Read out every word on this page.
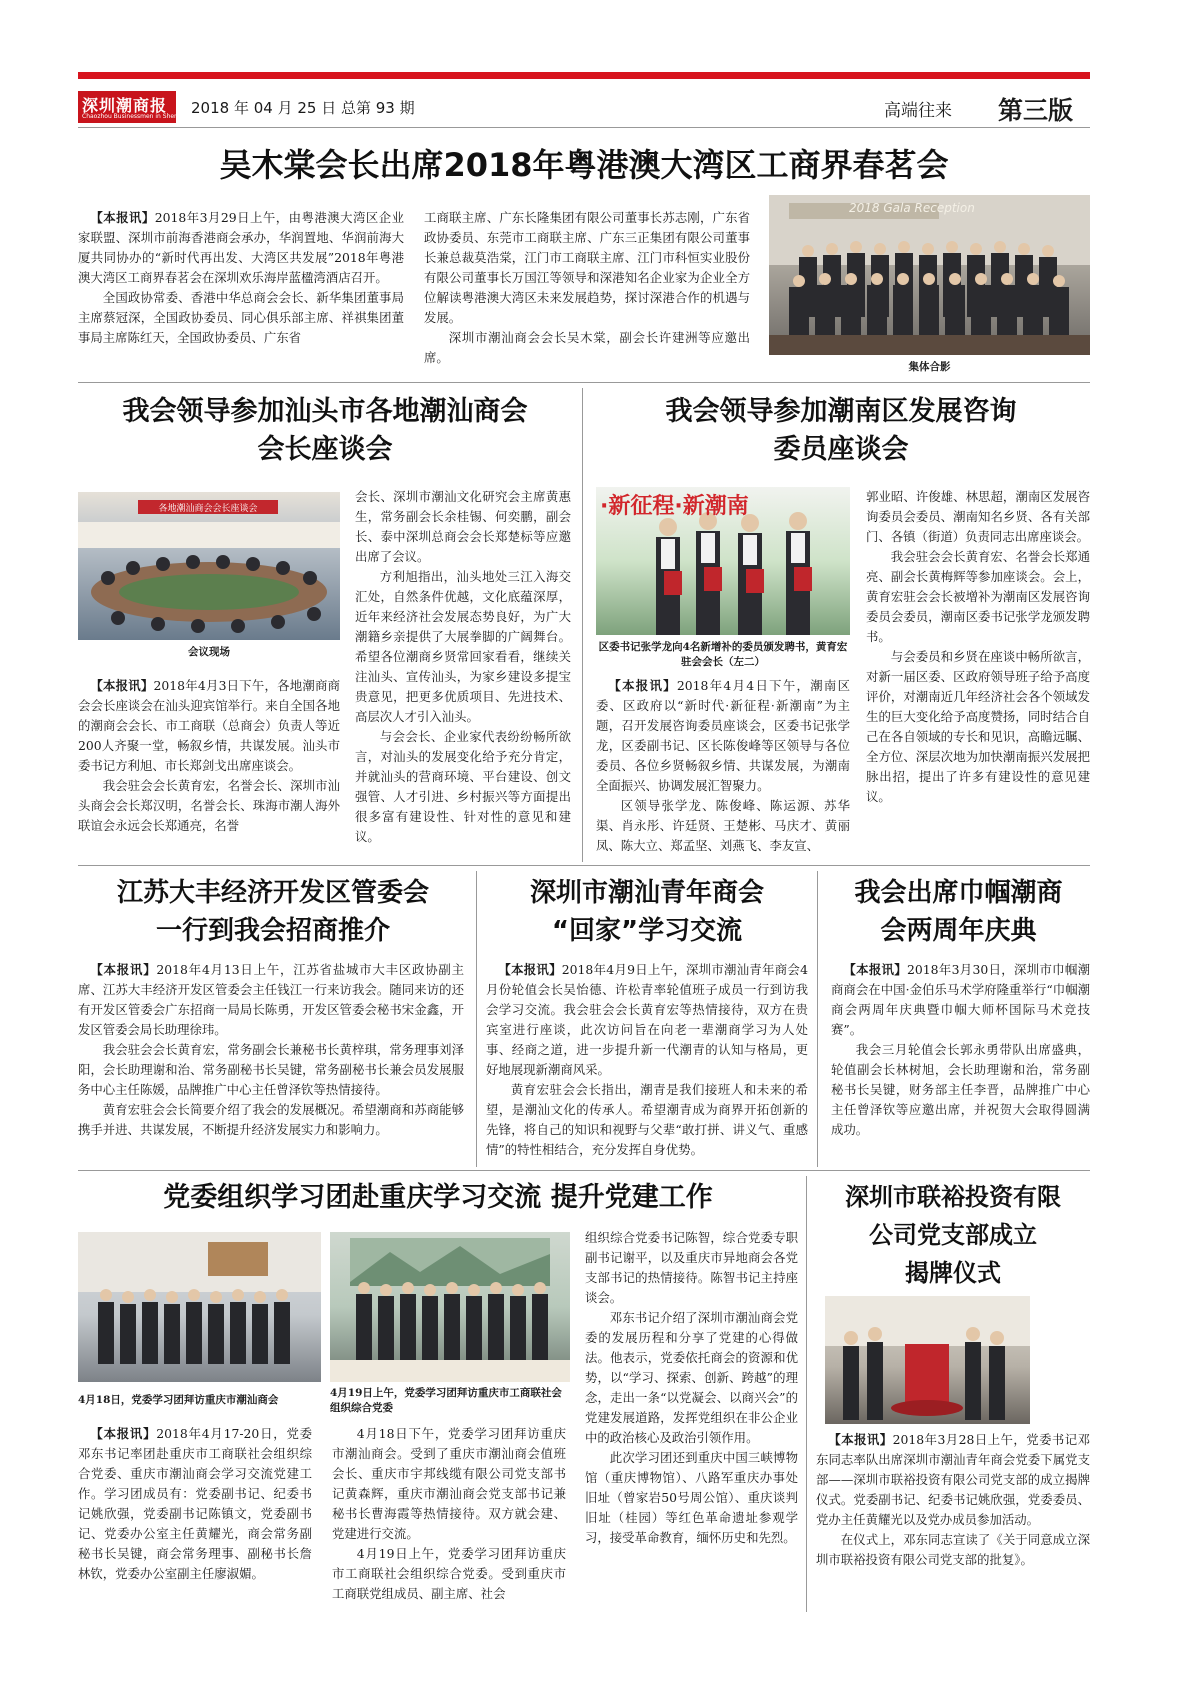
深圳潮商报
Chaozhou Businessmen in Shenzhen
2018 年 04 月 25 日 总第 93 期	高端往来 第三版
吴木棠会长出席2018年粤港澳大湾区工商界春茗会

【本报讯】2018年3月29日上午，由粤港澳大湾区企业家联盟、深圳市前海香港商会承办，华润置地、华润前海大厦共同协办的“新时代再出发、大湾区共发展”2018年粤港澳大湾区工商界春茗会在深圳欢乐海岸蓝楹湾酒店召开。

全国政协常委、香港中华总商会会长、新华集团董事局主席蔡冠深，全国政协委员、同心俱乐部主席、祥祺集团董事局主席陈红天，全国政协委员、广东省

工商联主席、广东长隆集团有限公司董事长苏志刚，广东省政协委员、东莞市工商联主席、广东三正集团有限公司董事长兼总裁莫浩棠，江门市工商联主席、江门市科恒实业股份有限公司董事长万国江等领导和深港知名企业家为企业全方位解读粤港澳大湾区未来发展趋势，探讨深港合作的机遇与发展。

深圳市潮汕商会会长吴木棠，副会长许建洲等应邀出席。

2018 Gala Reception
集体合影
我会领导参加汕头市各地潮汕商会
会长座谈会
各地潮汕商会会长座谈会
会议现场

【本报讯】2018年4月3日下午，各地潮商商会会长座谈会在汕头迎宾馆举行。来自全国各地的潮商会会长、市工商联（总商会）负责人等近200人齐聚一堂，畅叙乡情，共谋发展。汕头市委书记方利旭、市长郑剑戈出席座谈会。

我会驻会会长黄育宏，名誉会长、深圳市汕头商会会长郑汉明，名誉会长、珠海市潮人海外联谊会永远会长郑通亮，名誉

会长、深圳市潮汕文化研究会主席黄惠生，常务副会长余桂锡、何奕鹏，副会长、泰中深圳总商会会长郑楚标等应邀出席了会议。

方利旭指出，汕头地处三江入海交汇处，自然条件优越，文化底蕴深厚，近年来经济社会发展态势良好，为广大潮籍乡亲提供了大展拳脚的广阔舞台。希望各位潮商乡贤常回家看看，继续关注汕头、宣传汕头，为家乡建设多提宝贵意见，把更多优质项目、先进技术、高层次人才引入汕头。

与会会长、企业家代表纷纷畅所欲言，对汕头的发展变化给予充分肯定，并就汕头的营商环境、平台建设、创文强管、人才引进、乡村振兴等方面提出很多富有建设性、针对性的意见和建议。

我会领导参加潮南区发展咨询
委员座谈会
·新征程·新潮南
区委书记张学龙向4名新增补的委员颁发聘书，黄育宏驻会会长（左二）

【本报讯】2018年4月4日下午，潮南区委、区政府以“新时代·新征程·新潮南”为主题，召开发展咨询委员座谈会，区委书记张学龙，区委副书记、区长陈俊峰等区领导与各位委员、各位乡贤畅叙乡情、共谋发展，为潮南全面振兴、协调发展汇智聚力。

区领导张学龙、陈俊峰、陈运源、苏华渠、肖永彤、许廷贤、王楚彬、马庆才、黄丽凤、陈大立、郑孟坚、刘燕飞、李友宣、

郭业昭、许俊雄、林思超，潮南区发展咨询委员会委员、潮南知名乡贤、各有关部门、各镇（街道）负责同志出席座谈会。

我会驻会会长黄育宏、名誉会长郑通亮、副会长黄梅辉等参加座谈会。会上，黄育宏驻会会长被增补为潮南区发展咨询委员会委员，潮南区委书记张学龙颁发聘书。

与会委员和乡贤在座谈中畅所欲言，对新一届区委、区政府领导班子给予高度评价，对潮南近几年经济社会各个领域发生的巨大变化给予高度赞扬，同时结合自己在各自领域的专长和见识，高瞻远瞩、全方位、深层次地为加快潮南振兴发展把脉出招，提出了许多有建设性的意见建议。

江苏大丰经济开发区管委会
一行到我会招商推介

【本报讯】2018年4月13日上午，江苏省盐城市大丰区政协副主席、江苏大丰经济开发区管委会主任钱江一行来访我会。随同来访的还有开发区管委会广东招商一局局长陈勇，开发区管委会秘书宋金鑫，开发区管委会局长助理徐玮。

我会驻会会长黄育宏，常务副会长兼秘书长黄梓琪，常务理事刘泽阳，会长助理谢和治、常务副秘书长吴键，常务副秘书长兼会员发展服务中心主任陈媛，品牌推广中心主任曾泽钦等热情接待。

黄育宏驻会会长简要介绍了我会的发展概况。希望潮商和苏商能够携手并进、共谋发展，不断提升经济发展实力和影响力。

深圳市潮汕青年商会
“回家”学习交流

【本报讯】2018年4月9日上午，深圳市潮汕青年商会4月份轮值会长吴怡德、许松青率轮值班子成员一行到访我会学习交流。我会驻会会长黄育宏等热情接待，双方在贵宾室进行座谈，此次访问旨在向老一辈潮商学习为人处事、经商之道，进一步提升新一代潮青的认知与格局，更好地展现新潮商风采。

黄育宏驻会会长指出，潮青是我们接班人和未来的希望，是潮汕文化的传承人。希望潮青成为商界开拓创新的先锋，将自己的知识和视野与父辈“敢打拼、讲义气、重感情”的特性相结合，充分发挥自身优势。

我会出席巾帼潮商
会两周年庆典

【本报讯】2018年3月30日，深圳市巾帼潮商商会在中国·金伯乐马术学府隆重举行“巾帼潮商会两周年庆典暨巾帼大师杯国际马术竞技赛”。

我会三月轮值会长郭永勇带队出席盛典，轮值副会长林树旭，会长助理谢和治，常务副秘书长吴键，财务部主任李晋，品牌推广中心主任曾泽钦等应邀出席，并祝贺大会取得圆满成功。

党委组织学习团赴重庆学习交流 提升党建工作
4月18日，党委学习团拜访重庆市潮汕商会
4月19日上午，党委学习团拜访重庆市工商联社会组织综合党委

【本报讯】2018年4月17-20日，党委邓东书记率团赴重庆市工商联社会组织综合党委、重庆市潮汕商会学习交流党建工作。学习团成员有：党委副书记、纪委书记姚欣强，党委副书记陈镇文，党委副书记、党委办公室主任黄耀光，商会常务副秘书长吴键，商会常务理事、副秘书长詹林钦，党委办公室副主任廖淑媚。

4月18日下午，党委学习团拜访重庆市潮汕商会。受到了重庆市潮汕商会值班会长、重庆市宇邦线缆有限公司党支部书记黄森辉，重庆市潮汕商会党支部书记兼秘书长曹海霞等热情接待。双方就会建、党建进行交流。

4月19日上午，党委学习团拜访重庆市工商联社会组织综合党委。受到重庆市工商联党组成员、副主席、社会

组织综合党委书记陈智，综合党委专职副书记谢平，以及重庆市异地商会各党支部书记的热情接待。陈智书记主持座谈会。

邓东书记介绍了深圳市潮汕商会党委的发展历程和分享了党建的心得做法。他表示，党委依托商会的资源和优势，以“学习、探索、创新、跨越”的理念，走出一条“以党凝会、以商兴会”的党建发展道路，发挥党组织在非公企业中的政治核心及政治引领作用。

此次学习团还到重庆中国三峡博物馆（重庆博物馆）、八路军重庆办事处旧址（曾家岩50号周公馆）、重庆谈判旧址（桂园）等红色革命遗址参观学习，接受革命教育，缅怀历史和先烈。

深圳市联裕投资有限
公司党支部成立
揭牌仪式

【本报讯】2018年3月28日上午，党委书记邓东同志率队出席深圳市潮汕青年商会党委下属党支部——深圳市联裕投资有限公司党支部的成立揭牌仪式。党委副书记、纪委书记姚欣强，党委委员、党办主任黄耀光以及党办成员参加活动。

在仪式上，邓东同志宣读了《关于同意成立深圳市联裕投资有限公司党支部的批复》。
